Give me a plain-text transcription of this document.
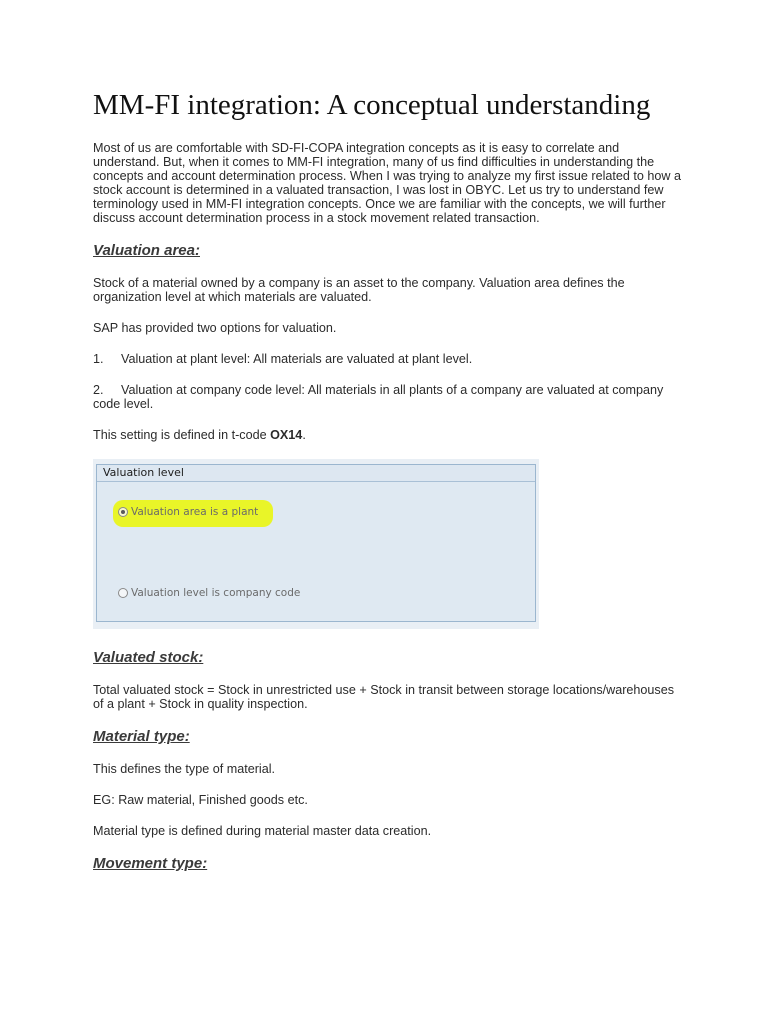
MM-FI integration: A conceptual understanding

Most of us are comfortable with SD-FI-COPA integration concepts as it is easy to correlate and understand. But, when it comes to MM-FI integration, many of us find difficulties in understanding the concepts and account determination process. When I was trying to analyze my first issue related to how a stock account is determined in a valuated transaction, I was lost in OBYC. Let us try to understand few terminology used in MM-FI integration concepts. Once we are familiar with the concepts, we will further discuss account determination process in a stock movement related transaction.

Valuation area:

Stock of a material owned by a company is an asset to the company. Valuation area defines the organization level at which materials are valuated.

SAP has provided two options for valuation.

1. Valuation at plant level: All materials are valuated at plant level.

2. Valuation at company code level: All materials in all plants of a company are valuated at company code level.

This setting is defined in t-code OX14.

Valuation level
Valuation area is a plant
Valuation level is company code
Valuated stock:

Total valuated stock = Stock in unrestricted use + Stock in transit between storage locations/warehouses of a plant + Stock in quality inspection.

Material type:

This defines the type of material.

EG: Raw material, Finished goods etc.

Material type is defined during material master data creation.

Movement type:
